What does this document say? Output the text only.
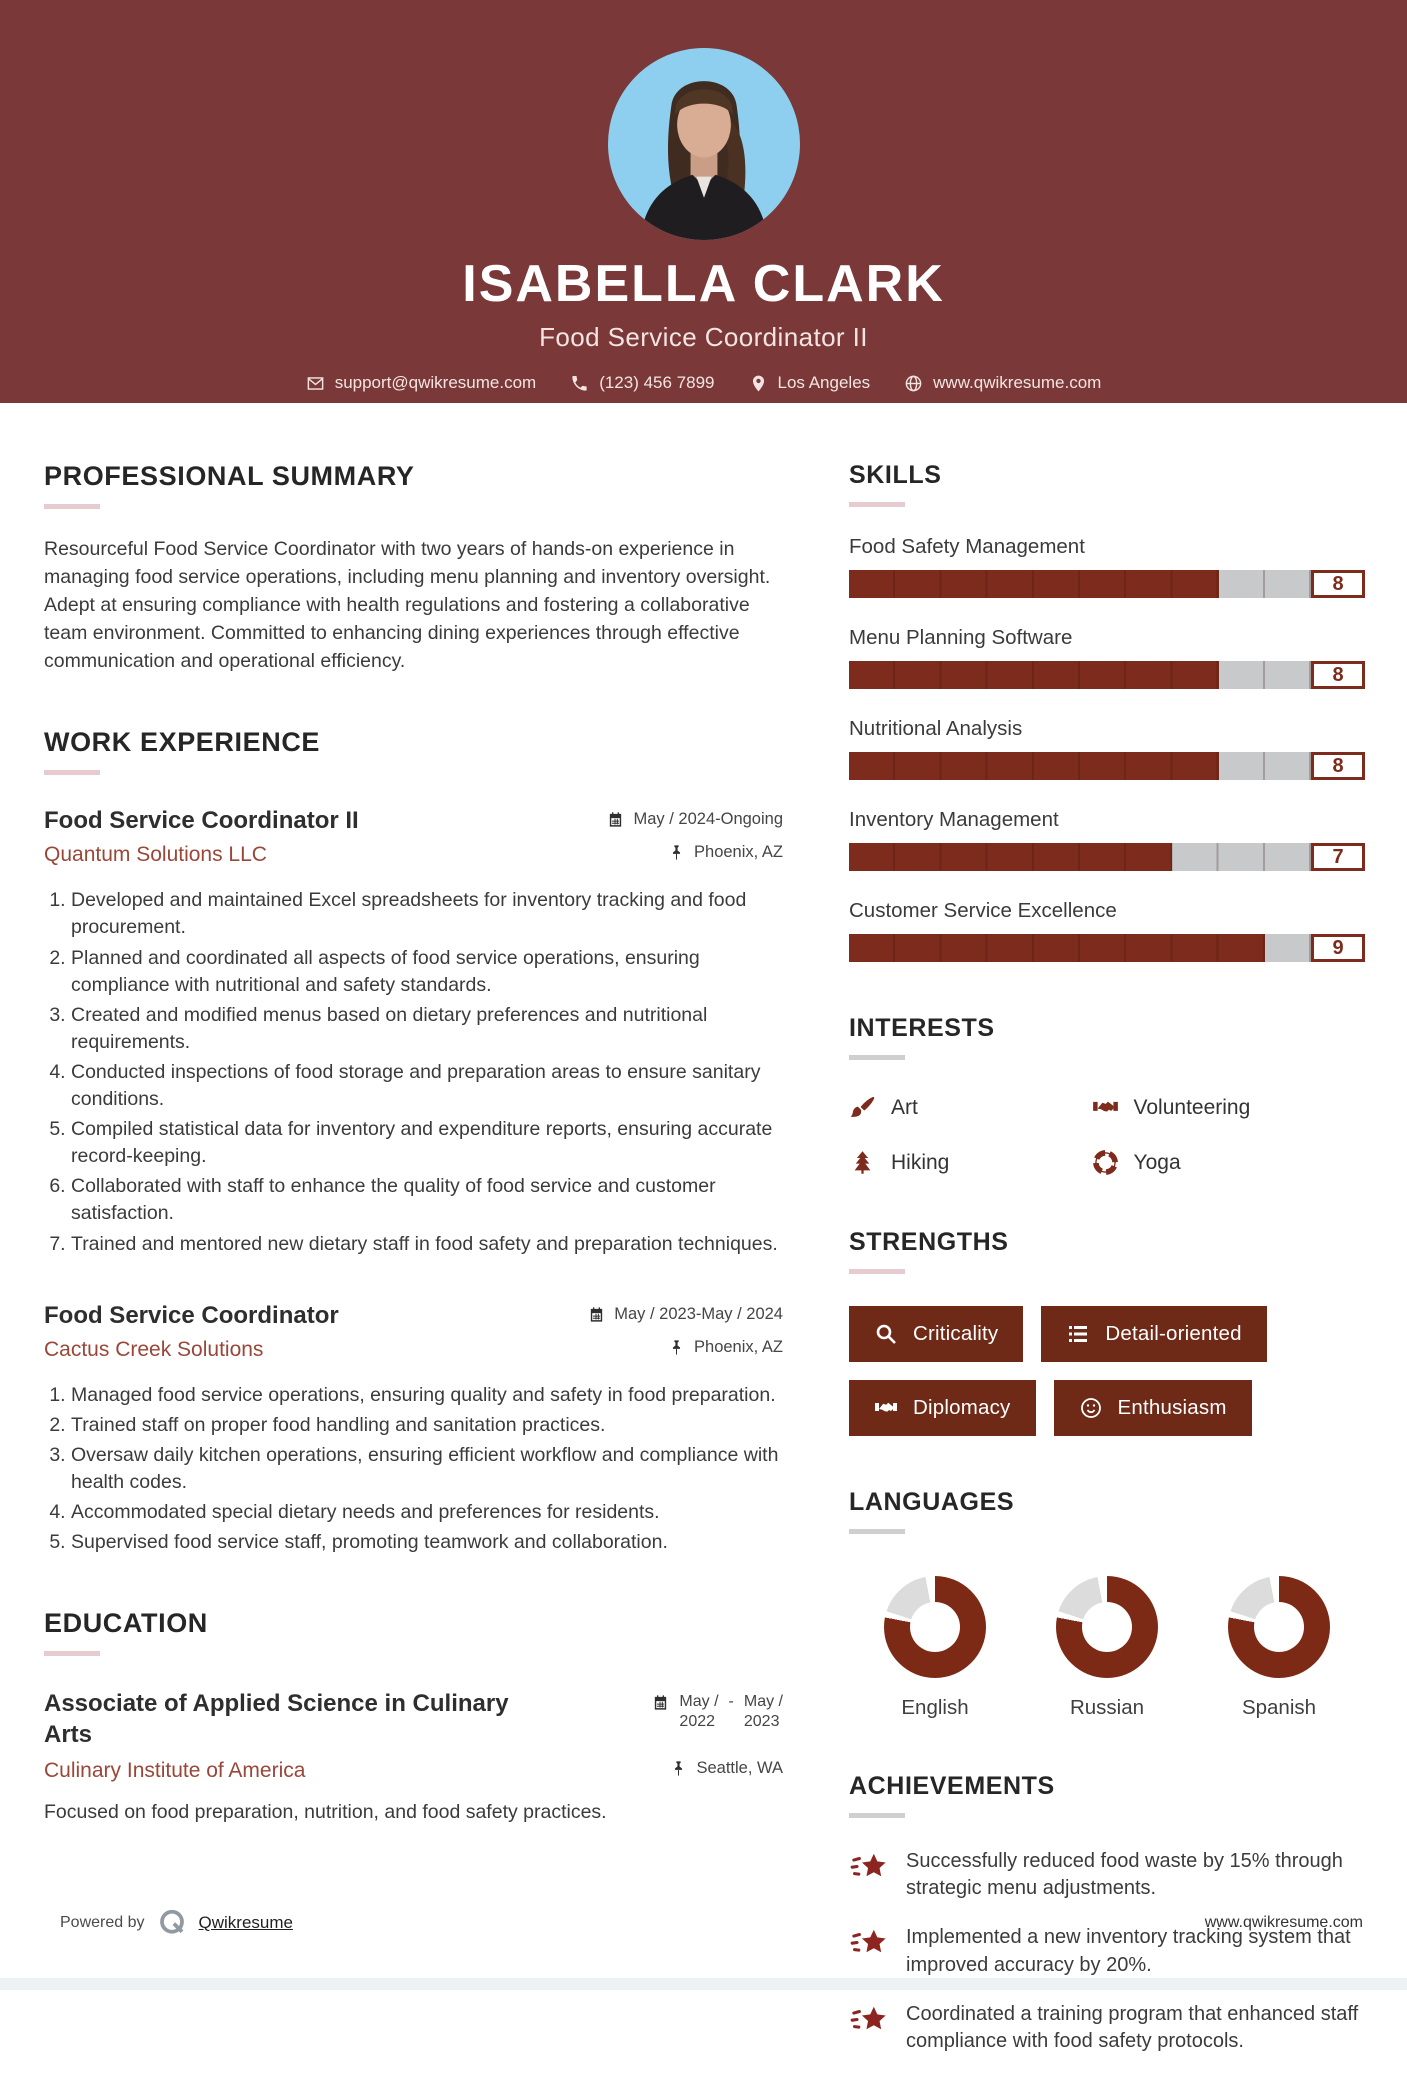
ISABELLA CLARK
Food Service Coordinator II
support@qwikresume.com	(123) 456 7899	Los Angeles	www.qwikresume.com
PROFESSIONAL SUMMARY

Resourceful Food Service Coordinator with two years of hands-on experience in managing food service operations, including menu planning and inventory oversight. Adept at ensuring compliance with health regulations and fostering a collaborative team environment. Committed to enhancing dining experiences through effective communication and operational efficiency.

WORK EXPERIENCE
Food Service Coordinator II	May / 2024-Ongoing
Quantum Solutions LLC	Phoenix, AZ
1. Developed and maintained Excel spreadsheets for inventory tracking and food procurement.
2. Planned and coordinated all aspects of food service operations, ensuring compliance with nutritional and safety standards.
3. Created and modified menus based on dietary preferences and nutritional requirements.
4. Conducted inspections of food storage and preparation areas to ensure sanitary conditions.
5. Compiled statistical data for inventory and expenditure reports, ensuring accurate record-keeping.
6. Collaborated with staff to enhance the quality of food service and customer satisfaction.
7. Trained and mentored new dietary staff in food safety and preparation techniques.
Food Service Coordinator	May / 2023-May / 2024
Cactus Creek Solutions	Phoenix, AZ
1. Managed food service operations, ensuring quality and safety in food preparation.
2. Trained staff on proper food handling and sanitation practices.
3. Oversaw daily kitchen operations, ensuring efficient workflow and compliance with health codes.
4. Accommodated special dietary needs and preferences for residents.
5. Supervised food service staff, promoting teamwork and collaboration.
EDUCATION
Associate of Applied Science in Culinary Arts
May /
2022
- May /
2023
Culinary Institute of America	Seattle, WA

Focused on food preparation, nutrition, and food safety practices.

SKILLS
Food Safety Management
8
Menu Planning Software
8
Nutritional Analysis
8
Inventory Management
7
Customer Service Excellence
9
INTERESTS
Art	Volunteering
Hiking	Yoga
STRENGTHS
Criticality	Detail-oriented
Diplomacy	Enthusiasm
LANGUAGES
English	Russian	Spanish
ACHIEVEMENTS
Successfully reduced food waste by 15% through strategic menu adjustments.
Implemented a new inventory tracking system that improved accuracy by 20%.
Coordinated a training program that enhanced staff compliance with food safety protocols.
Powered by	Qwikresume	www.qwikresume.com
